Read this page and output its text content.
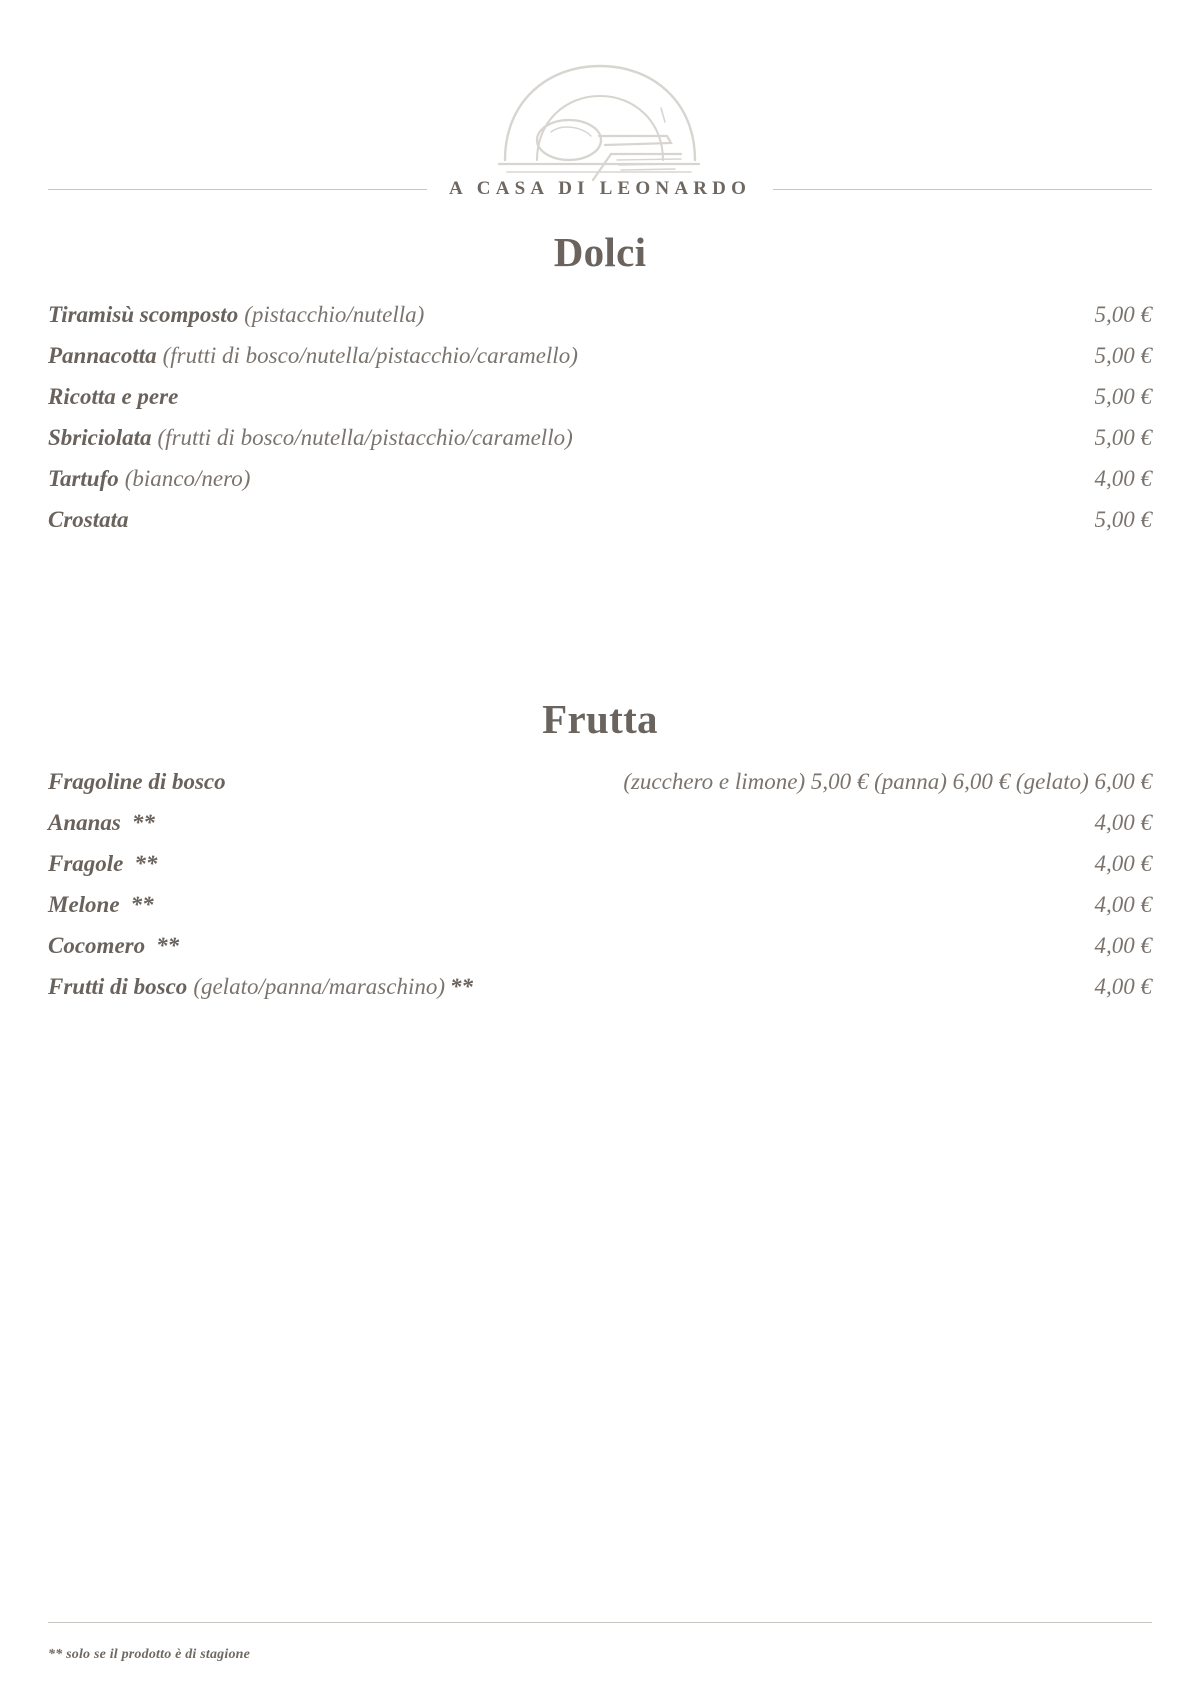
A CASA DI LEONARDO
Dolci
Tiramisù scomposto (pistacchio/nutella)	5,00 €
Pannacotta (frutti di bosco/nutella/pistacchio/caramello)	5,00 €
Ricotta e pere	5,00 €
Sbriciolata (frutti di bosco/nutella/pistacchio/caramello)	5,00 €
Tartufo (bianco/nero)	4,00 €
Crostata	5,00 €
Frutta
Fragoline di bosco	(zucchero e limone) 5,00 € (panna) 6,00 € (gelato) 6,00 €
Ananas **	4,00 €
Fragole **	4,00 €
Melone **	4,00 €
Cocomero **	4,00 €
Frutti di bosco (gelato/panna/maraschino) **	4,00 €
** solo se il prodotto è di stagione
